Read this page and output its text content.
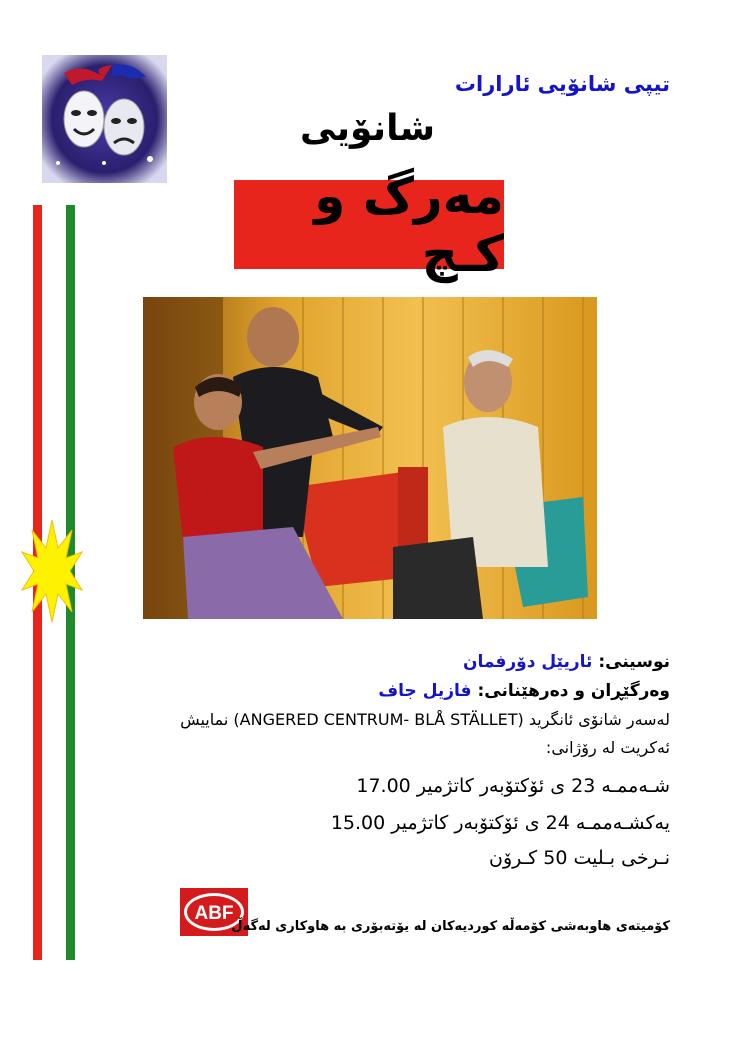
تیپی شانۆیی ئارارات
شانۆیی
مەرگ و کـچ
نوسینی: ئاریێل دۆرفمان
وەرگێڕان و دەرهێنانی: فازیل جاف
لەسەر شانۆی ئانگرید (ANGERED CENTRUM- BLÅ STÄLLET) نماییش
ئەکریت لە رۆژانی:
شـەممـە 23 ی ئۆکتۆبەر کاتژمیر 17.00
یەکشـەممـە 24 ی ئۆکتۆبەر کاتژمیر 15.00
نـرخی بـلیت 50 کـرۆن
ABF
کۆمیتەی هاوبەشی کۆمەڵە کوردیەکان لە یۆتەبۆری بە هاوکاری لەگەڵ
